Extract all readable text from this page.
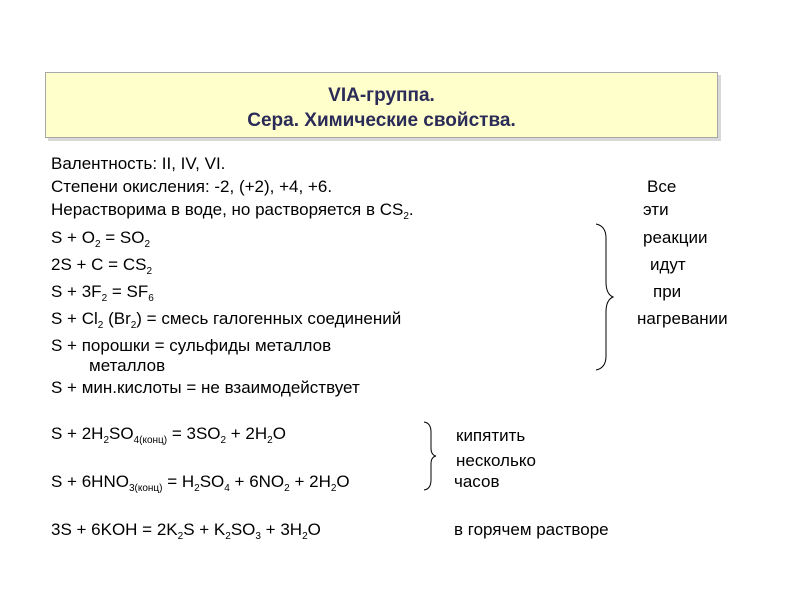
VIA-группа.
Сера. Химические свойства.
Валентность: II, IV, VI.
Степени окисления: -2, (+2), +4, +6.
Нерастворима в воде, но растворяется в $CS_2$.
$S + O_2 = SO_2$
$2S + C = CS_2$
$S + 3F_2 = SF_6$
$S + Cl_2$ $(Br_2)$ = смесь галогенных соединений
S + порошки = сульфиды металлов
металлов
S + мин.кислоты = не взаимодействует
$S + 2H_2SO_{4(конц)} = 3SO_2 + 2H_2O$
$S + 6HNO_{3(конц)} = H_2SO_4 + 6NO_2 + 2H_2O$
$3S + 6KOH = 2K_2S + K_2SO_3 + 3H_2O$
Все
эти
реакции
идут
при
нагревании
кипятить
несколько
часов
в горячем растворе
